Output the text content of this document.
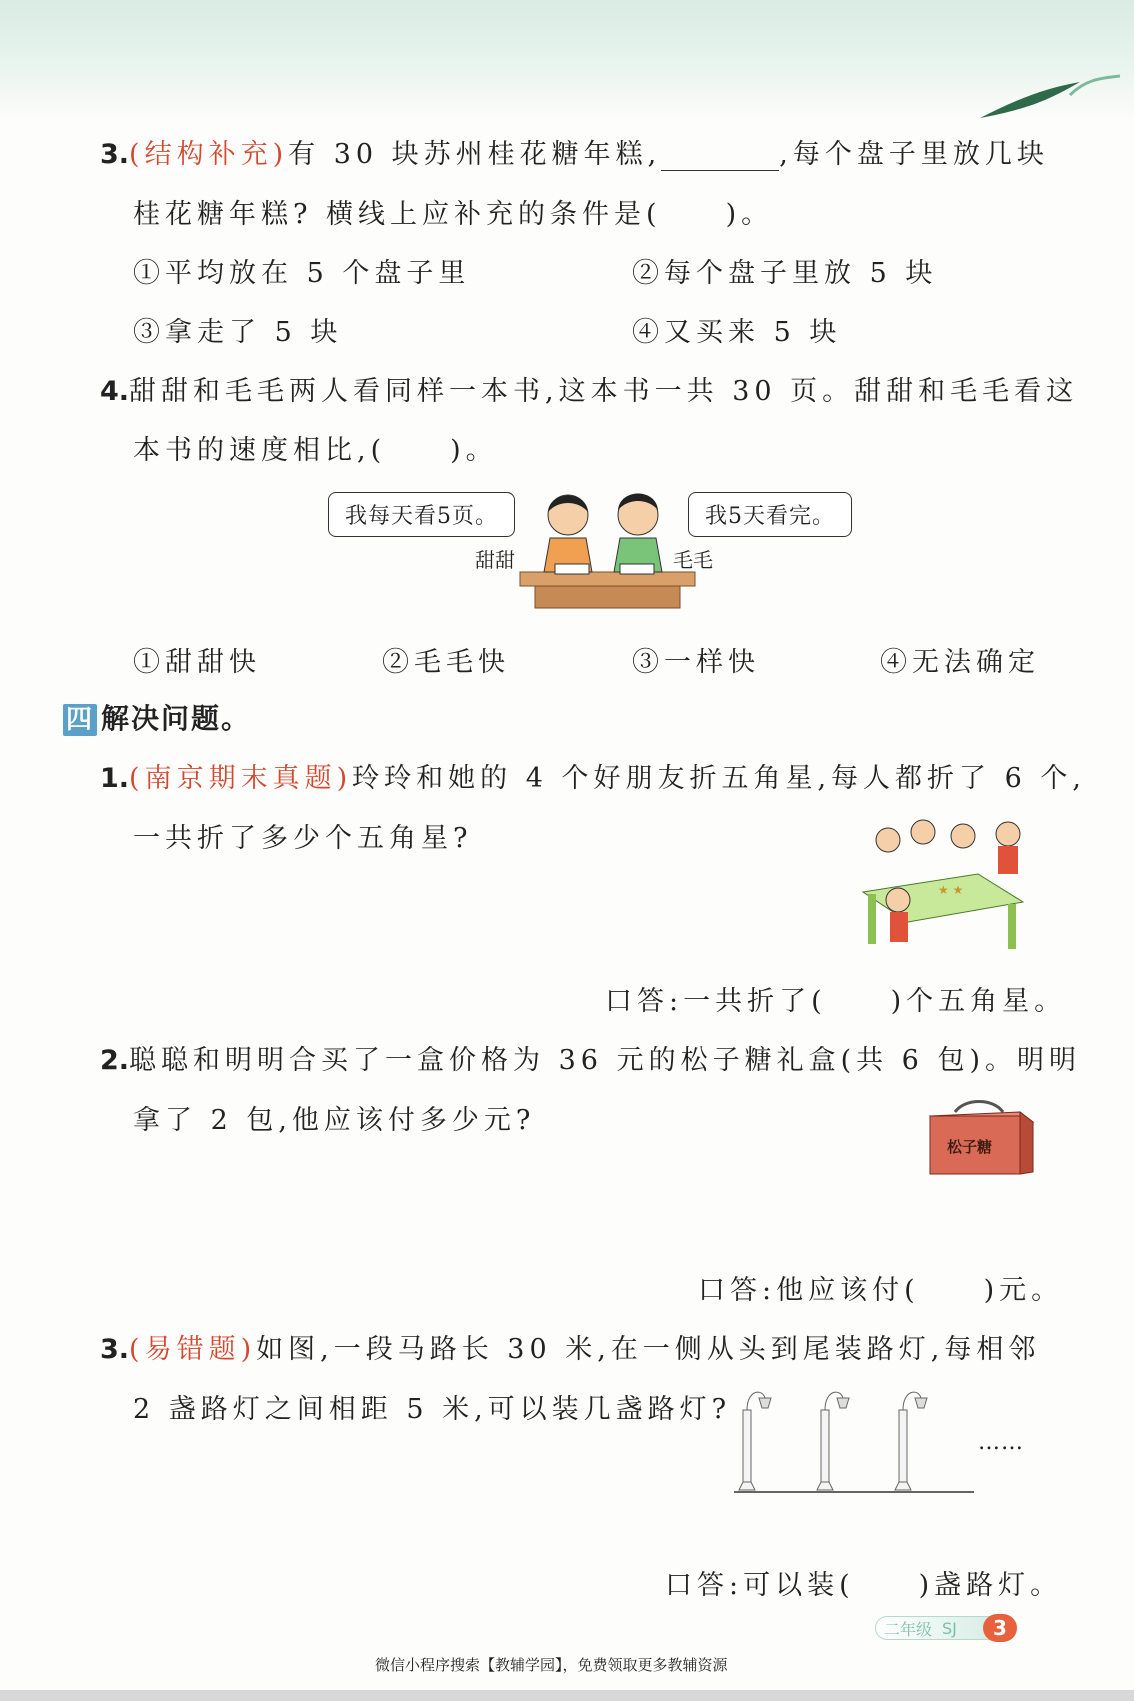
3.(结构补充)有 30 块苏州桂花糖年糕,	,每个盘子里放几块
桂花糖年糕? 横线上应补充的条件是(　　)。
①平均放在 5 个盘子里	②每个盘子里放 5 块
③拿走了 5 块	④又买来 5 块
4.甜甜和毛毛两人看同样一本书,这本书一共 30 页。甜甜和毛毛看这
本书的速度相比,(　　)。
我每天看5页。	我5天看完。
甜甜	毛毛
①甜甜快	②毛毛快	③一样快	④无法确定
四 解决问题。
1.(南京期末真题)玲玲和她的 4 个好朋友折五角星,每人都折了 6 个,
一共折了多少个五角星?
★ ★
口答:一共折了(　　)个五角星。
2.聪聪和明明合买了一盒价格为 36 元的松子糖礼盒(共 6 包)。明明
拿了 2 包,他应该付多少元?
松子糖
口答:他应该付(　　)元。
3.(易错题)如图,一段马路长 30 米,在一侧从头到尾装路灯,每相邻
2 盏路灯之间相距 5 米,可以装几盏路灯?
……
口答:可以装(　　)盏路灯。
二年级 SJ	3
微信小程序搜索【教辅学园】，免费领取更多教辅资源
